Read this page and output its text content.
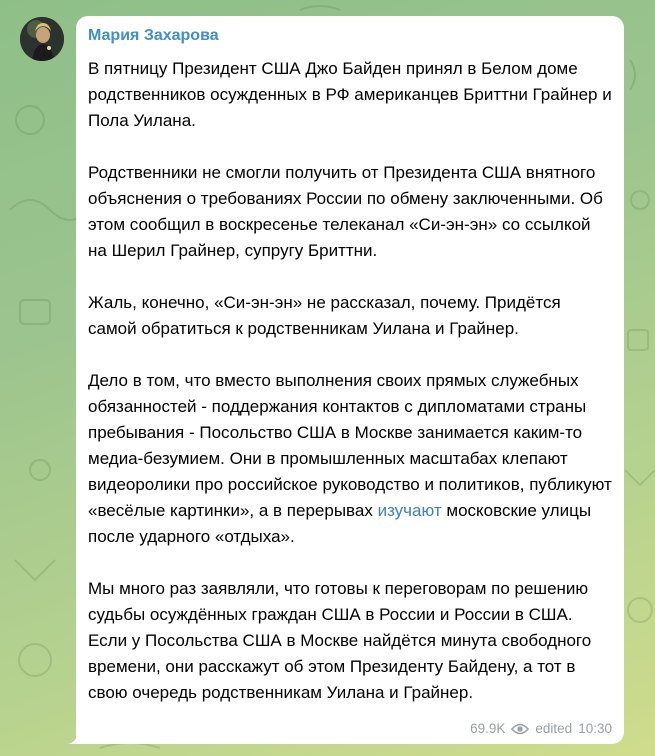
Мария Захарова

В пятницу Президент США Джо Байден принял в Белом доме родственников осужденных в РФ американцев Бриттни Грайнер и Пола Уилана.

Родственники не смогли получить от Президента США внятного объяснения о требованиях России по обмену заключенными. Об этом сообщил в воскресенье телеканал «Си-эн-эн» со ссылкой на Шерил Грайнер, супругу Бриттни.

Жаль, конечно, «Си-эн-эн» не рассказал, почему. Придётся самой обратиться к родственникам Уилана и Грайнер.

Дело в том, что вместо выполнения своих прямых служебных обязанностей - поддержания контактов с дипломатами страны пребывания - Посольство США в Москве занимается каким-то медиа-безумием. Они в промышленных масштабах клепают видеоролики про российское руководство и политиков, публикуют «весёлые картинки», а в перерывах изучают московские улицы после ударного «отдыха».

Мы много раз заявляли, что готовы к переговорам по решению судьбы осуждённых граждан США в России и России в США. Если у Посольства США в Москве найдётся минута свободного времени, они расскажут об этом Президенту Байдену, а тот в свою очередь родственникам Уилана и Грайнер.

69.9K edited 10:30
